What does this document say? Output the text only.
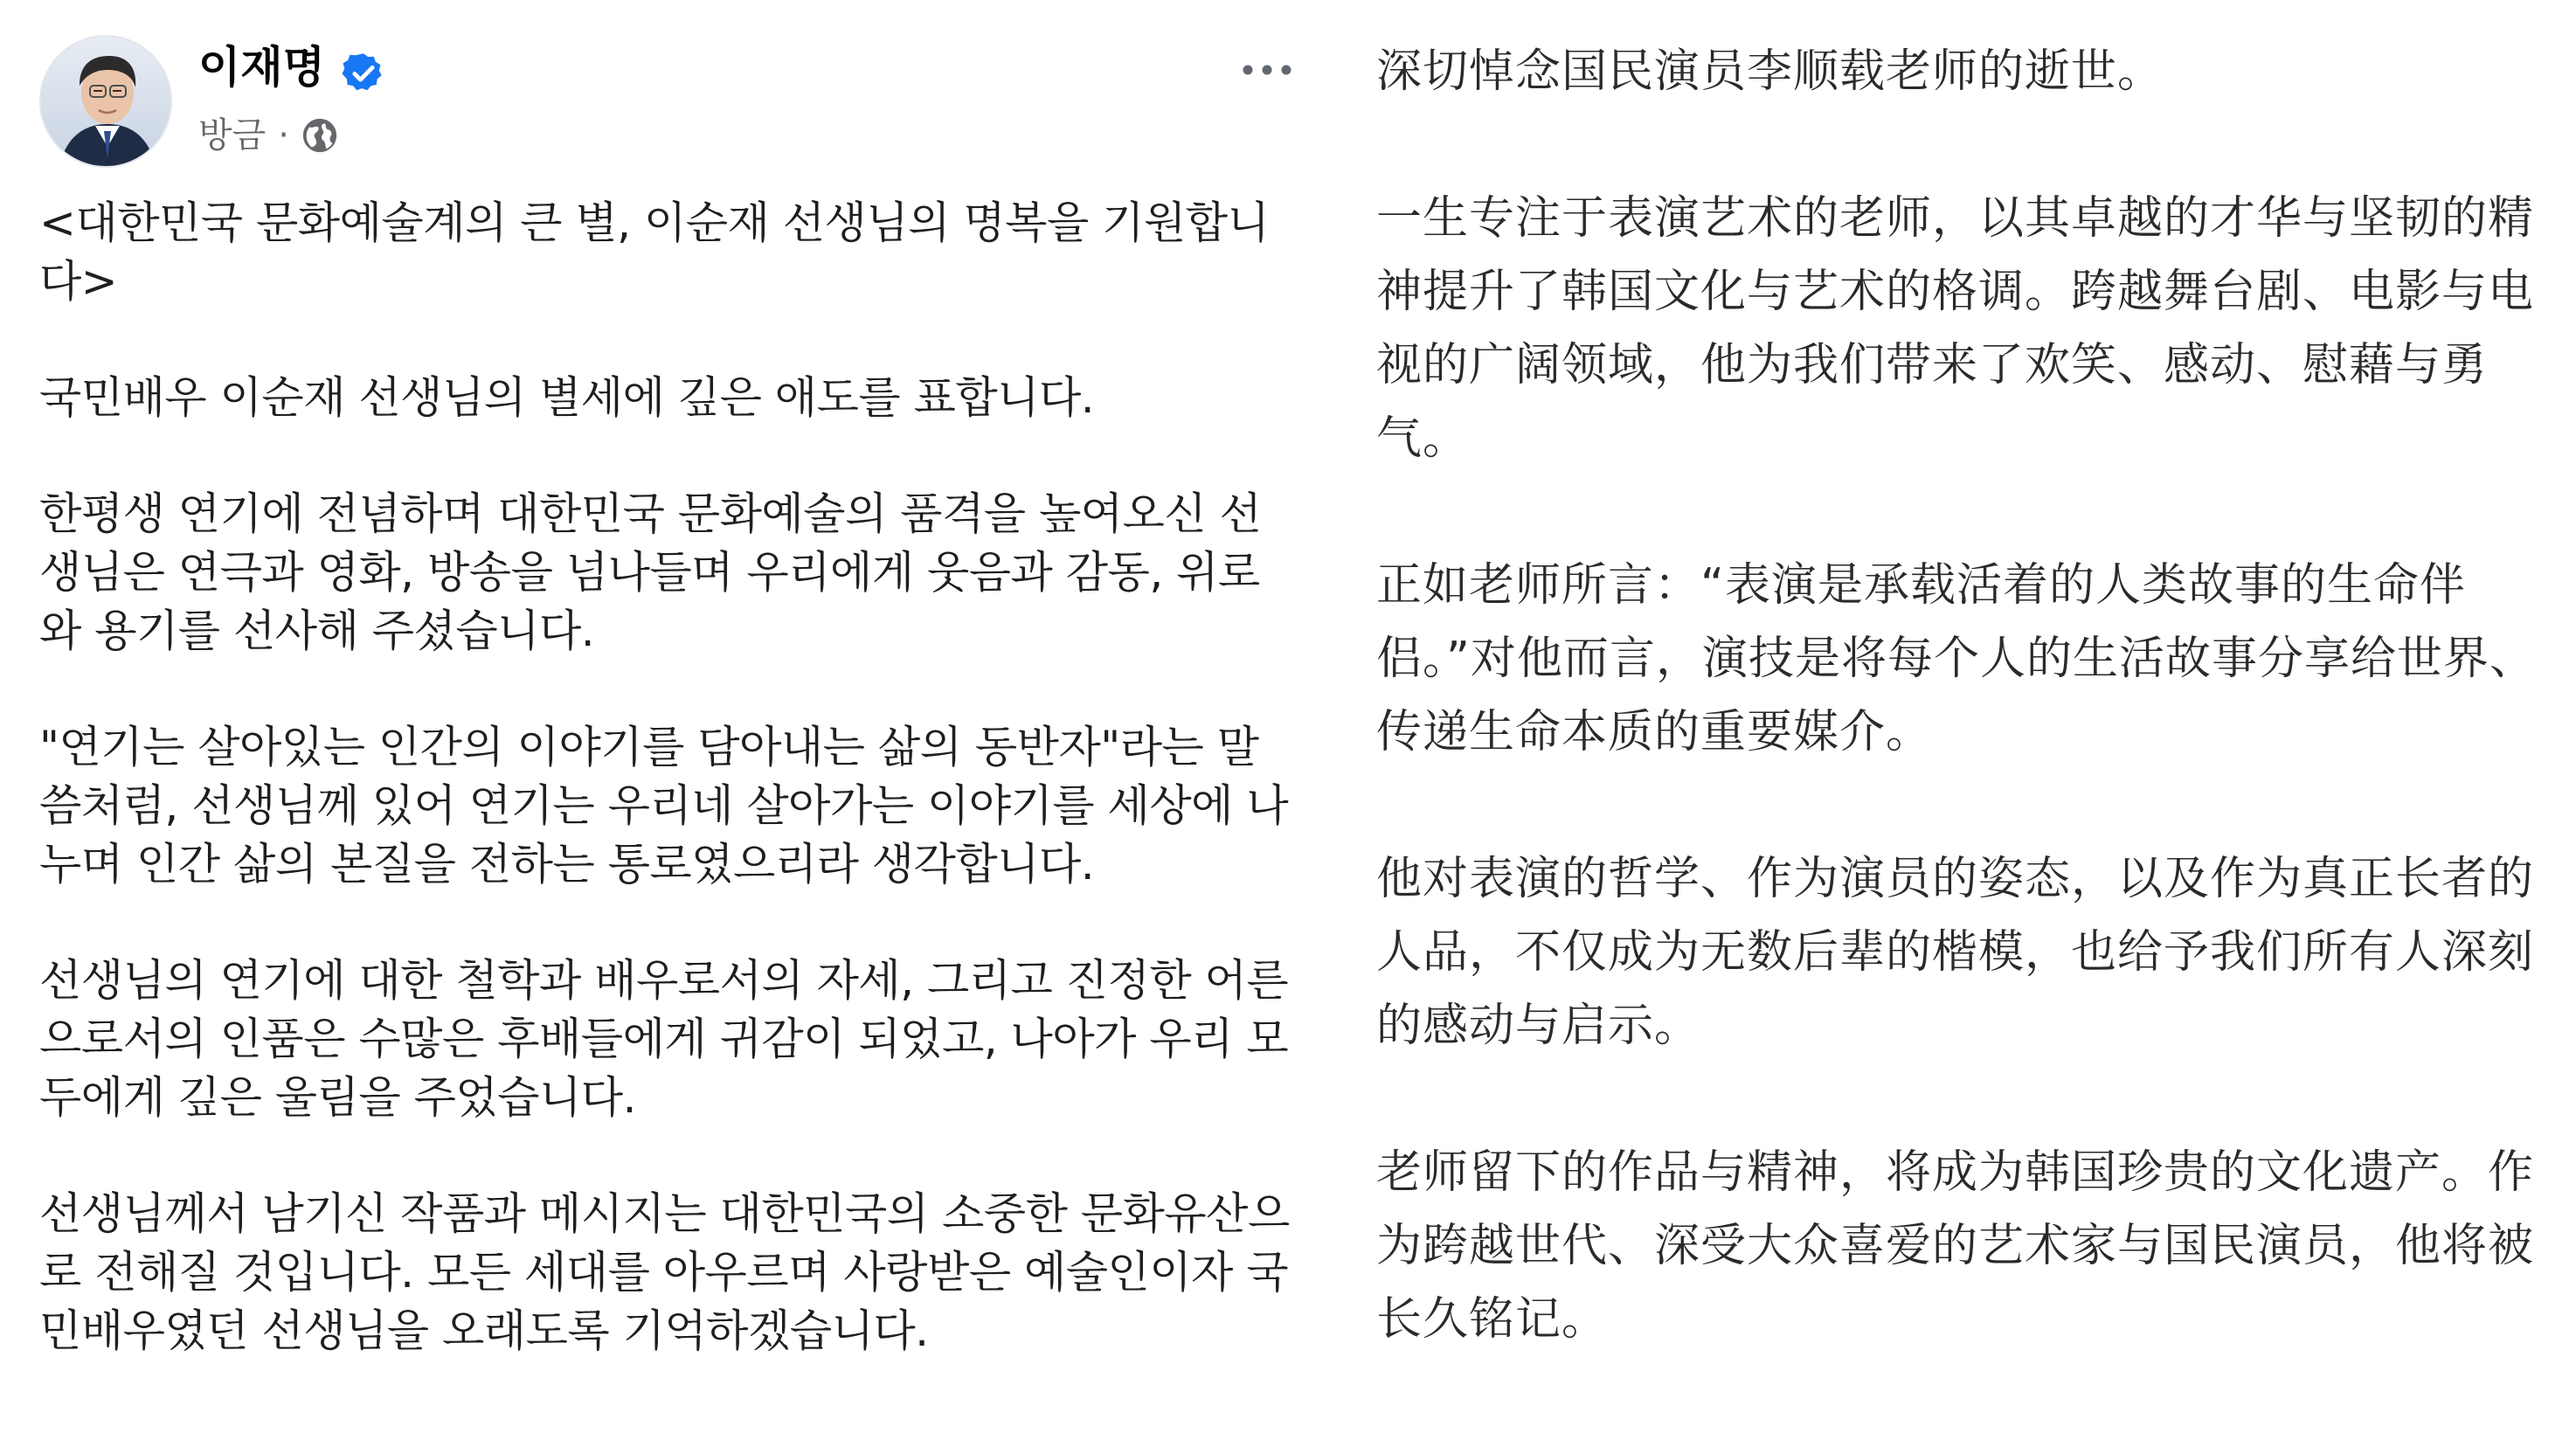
이재명
방금 ·

<대한민국 문화예술계의 큰 별, 이순재 선생님의 명복을 기원합니다>

국민배우 이순재 선생님의 별세에 깊은 애도를 표합니다.

한평생 연기에 전념하며 대한민국 문화예술의 품격을 높여오신 선생님은 연극과 영화, 방송을 넘나들며 우리에게 웃음과 감동, 위로와 용기를 선사해 주셨습니다.

"연기는 살아있는 인간의 이야기를 담아내는 삶의 동반자"라는 말씀처럼, 선생님께 있어 연기는 우리네 살아가는 이야기를 세상에 나누며 인간 삶의 본질을 전하는 통로였으리라 생각합니다.

선생님의 연기에 대한 철학과 배우로서의 자세, 그리고 진정한 어른으로서의 인품은 수많은 후배들에게 귀감이 되었고, 나아가 우리 모두에게 깊은 울림을 주었습니다.

선생님께서 남기신 작품과 메시지는 대한민국의 소중한 문화유산으로 전해질 것입니다. 모든 세대를 아우르며 사랑받은 예술인이자 국민배우였던 선생님을 오래도록 기억하겠습니다.

深切悼念国民演员李顺载老师的逝世。

一生专注于表演艺术的老师，以其卓越的才华与坚韧的精神提升了韩国文化与艺术的格调。跨越舞台剧、电影与电视的广阔领域，他为我们带来了欢笑、感动、慰藉与勇气。

正如老师所言：“表演是承载活着的人类故事的生命伴侣。”对他而言，演技是将每个人的生活故事分享给世界、传递生命本质的重要媒介。

他对表演的哲学、作为演员的姿态，以及作为真正长者的人品，不仅成为无数后辈的楷模，也给予我们所有人深刻的感动与启示。

老师留下的作品与精神，将成为韩国珍贵的文化遗产。作为跨越世代、深受大众喜爱的艺术家与国民演员，他将被长久铭记。
